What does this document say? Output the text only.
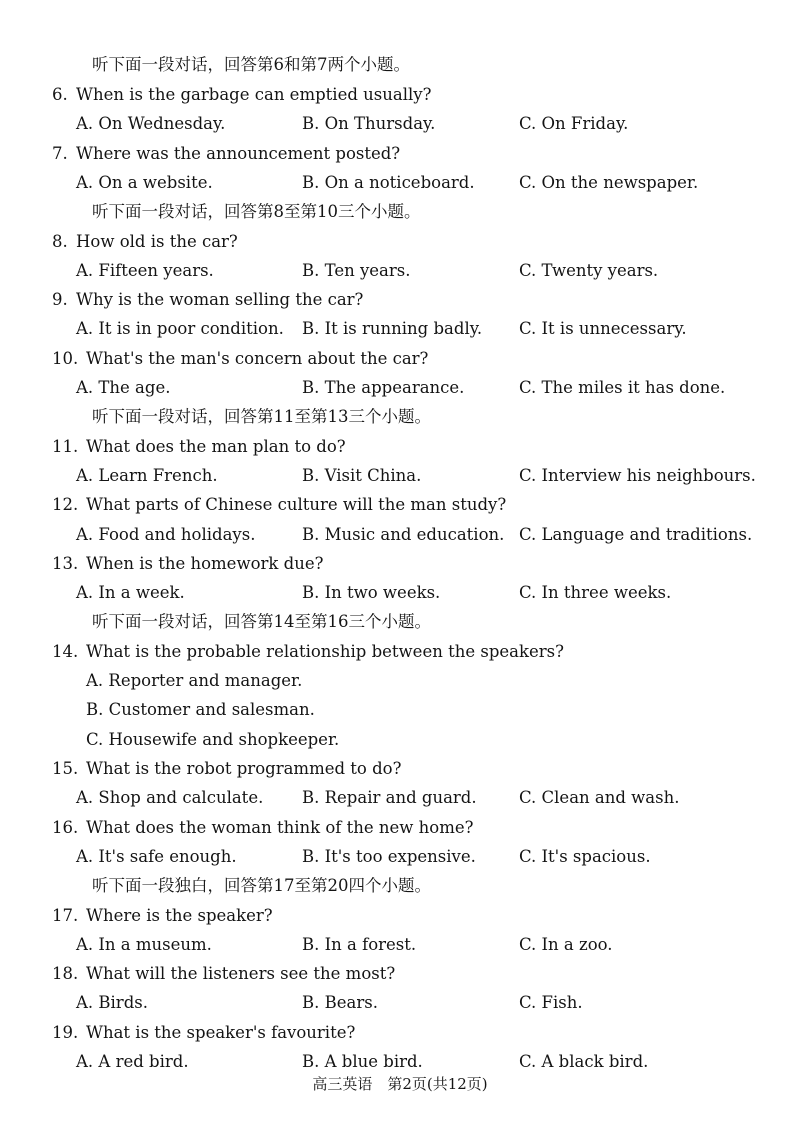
听下面一段对话，回答第6和第7两个小题。
6. When is the garbage can emptied usually?
A. On Wednesday.	B. On Thursday.	C. On Friday.
7. Where was the announcement posted?
A. On a website.	B. On a noticeboard.	C. On the newspaper.
听下面一段对话，回答第8至第10三个小题。
8. How old is the car?
A. Fifteen years.	B. Ten years.	C. Twenty years.
9. Why is the woman selling the car?
A. It is in poor condition. B. It is running badly. C. It is unnecessary.
10. What's the man's concern about the car?
A. The age.	B. The appearance.	C. The miles it has done.
听下面一段对话，回答第11至第13三个小题。
11. What does the man plan to do?
A. Learn French.	B. Visit China.	C. Interview his neighbours.
12. What parts of Chinese culture will the man study?
A. Food and holidays.	B. Music and education. C. Language and traditions.
13. When is the homework due?
A. In a week.	B. In two weeks.	C. In three weeks.
听下面一段对话，回答第14至第16三个小题。
14. What is the probable relationship between the speakers?
A. Reporter and manager.
B. Customer and salesman.
C. Housewife and shopkeeper.
15. What is the robot programmed to do?
A. Shop and calculate. B. Repair and guard.	C. Clean and wash.
16. What does the woman think of the new home?
A. It's safe enough.	B. It's too expensive.	C. It's spacious.
听下面一段独白，回答第17至第20四个小题。
17. Where is the speaker?
A. In a museum.	B. In a forest.	C. In a zoo.
18. What will the listeners see the most?
A. Birds.	B. Bears.	C. Fish.
19. What is the speaker's favourite?
A. A red bird.	B. A blue bird.	C. A black bird.
高三英语　第2页(共12页)
